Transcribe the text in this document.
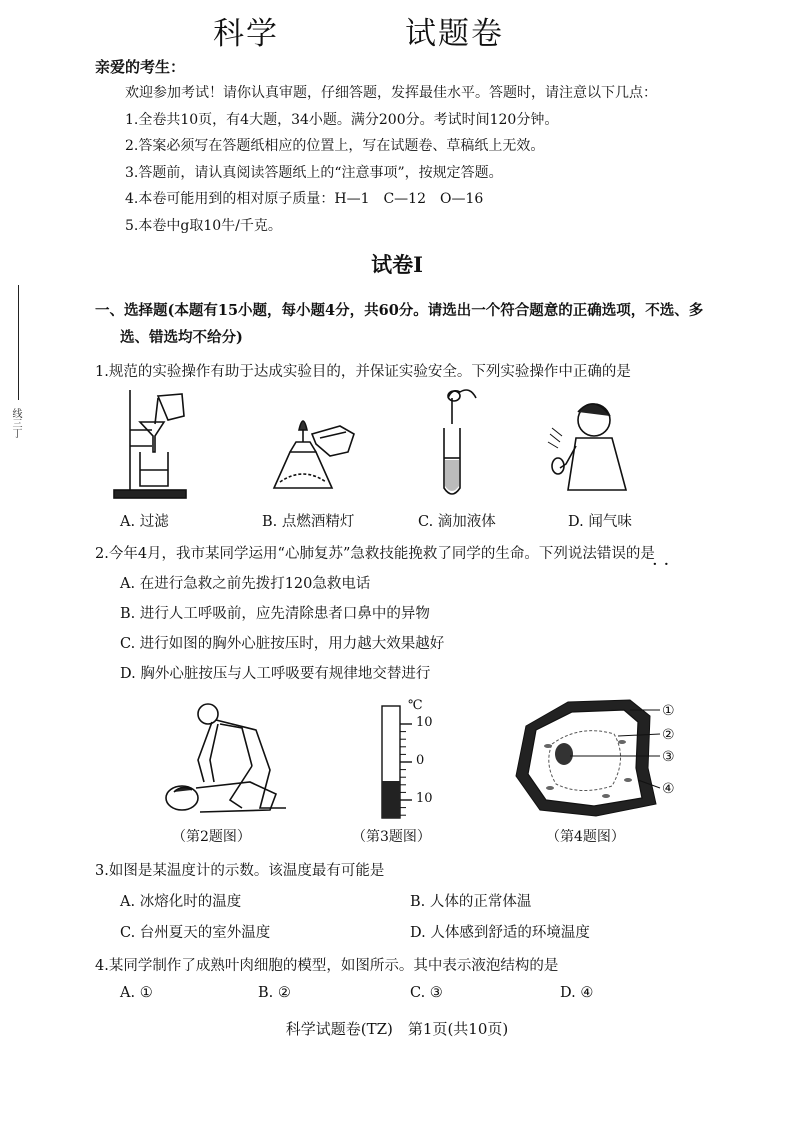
线三丁
科学	试题卷
亲爱的考生：
欢迎参加考试！请你认真审题，仔细答题，发挥最佳水平。答题时，请注意以下几点：
1.全卷共10页，有4大题，34小题。满分200分。考试时间120分钟。
2.答案必须写在答题纸相应的位置上，写在试题卷、草稿纸上无效。
3.答题前，请认真阅读答题纸上的“注意事项”，按规定答题。
4.本卷可能用到的相对原子质量：H—1　C—12　O—16
5.本卷中g取10牛/千克。
试卷Ⅰ
一、选择题(本题有15小题，每小题4分，共60分。请选出一个符合题意的正确选项，不选、多
选、错选均不给分)
1.规范的实验操作有助于达成实验目的，并保证实验安全。下列实验操作中正确的是
A. 过滤	B. 点燃酒精灯	C. 滴加液体	D. 闻气味
2.今年4月，我市某同学运用“心肺复苏”急救技能挽救了同学的生命。下列说法错误的是
· ·
A. 在进行急救之前先拨打120急救电话
B. 进行人工呼吸前，应先清除患者口鼻中的异物
C. 进行如图的胸外心脏按压时，用力越大效果越好
D. 胸外心脏按压与人工呼吸要有规律地交替进行
℃
10
0
10
①
②
③
④
（第2题图）	（第3题图）	（第4题图）
3.如图是某温度计的示数。该温度最有可能是
A. 冰熔化时的温度	B. 人体的正常体温
C. 台州夏天的室外温度	D. 人体感到舒适的环境温度
4.某同学制作了成熟叶肉细胞的模型，如图所示。其中表示液泡结构的是
A. ①	B. ②	C. ③	D. ④
科学试题卷(TZ)　第1页(共10页)
